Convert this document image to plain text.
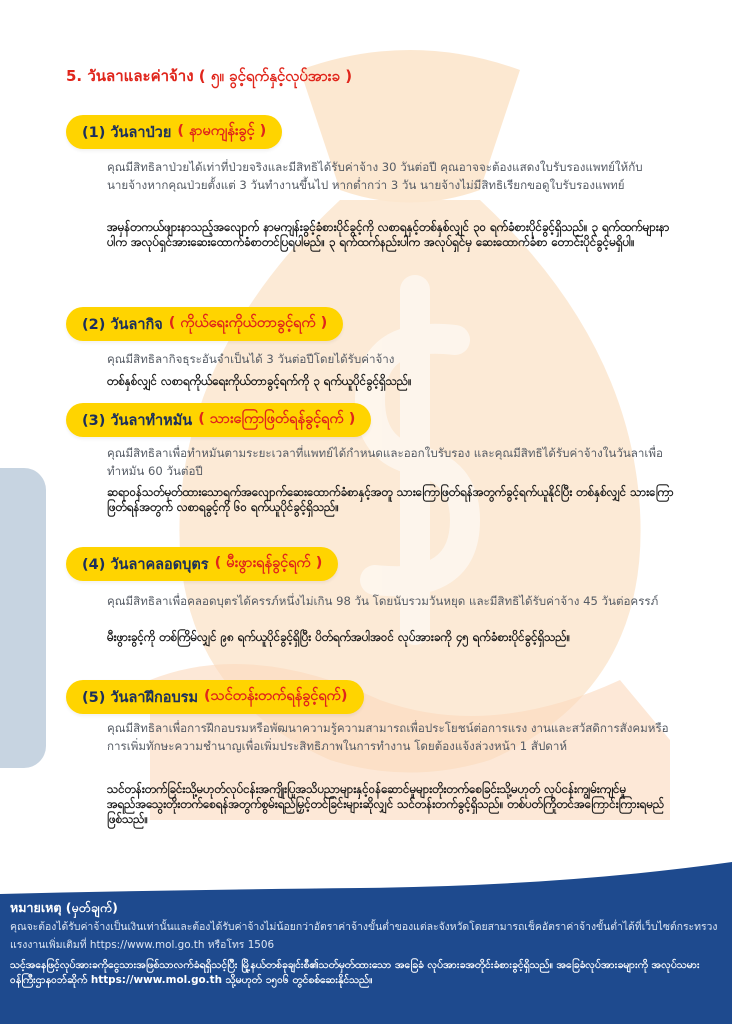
5. วันลาและค่าจ้าง ( ၅။ ခွင့်ရက်နှင့်လုပ်အားခ )
(1) วันลาป่วย ( နာမကျန်းခွင့် )
คุณมีสิทธิลาป่วยได้เท่าที่ป่วยจริงและมีสิทธิได้รับค่าจ้าง 30 วันต่อปี คุณอาจจะต้องแสดงใบรับรองแพทย์ให้กับนายจ้างหากคุณป่วยตั้งแต่ 3 วันทำงานขึ้นไป หากต่ำกว่า 3 วัน นายจ้างไม่มีสิทธิเรียกขอดูใบรับรองแพทย์
အမှန်တကယ်ဖျားနာသည့်အလျောက် နာမကျန်းခွင့်ခံစားပိုင်ခွင့်ကို လစာရနှင့်တစ်နှစ်လျှင် ၃၀ ရက်ခံစားပိုင်ခွင့်ရှိသည်။ ၃ ရက်ထက်များနာပါက အလုပ်ရှင်အားဆေးထောက်ခံစာတင်ပြရပါမည်။ ၃ ရက်ထက်နည်းပါက အလုပ်ရှင်မှ ဆေးထောက်ခံစာ တောင်းပိုင်ခွင့်မရှိပါ။
(2) วันลากิจ ( ကိုယ်ရေးကိုယ်တာခွင့်ရက် )
คุณมีสิทธิลากิจธุระอันจำเป็นได้ 3 วันต่อปีโดยได้รับค่าจ้าง
တစ်နှစ်လျှင် လစာရကိုယ်ရေးကိုယ်တာခွင့်ရက်ကို ၃ ရက်ယူပိုင်ခွင့်ရှိသည်။
(3) วันลาทำหมัน ( သားကြောဖြတ်ရန်ခွင့်ရက် )
คุณมีสิทธิลาเพื่อทำหมันตามระยะเวลาที่แพทย์ได้กำหนดและออกใบรับรอง และคุณมีสิทธิได้รับค่าจ้างในวันลาเพื่อทำหมัน 60 วันต่อปี
ဆရာဝန်သတ်မှတ်ထားသောရက်အလျောက်ဆေးထောက်ခံစာနှင့်အတူ သားကြောဖြတ်ရန်အတွက်ခွင့်ရက်ယူနိုင်ပြီး တစ်နှစ်လျှင် သားကြောဖြတ်ရန်အတွက် လစာရခွင့်ကို ၆၀ ရက်ယူပိုင်ခွင့်ရှိသည်။
(4) วันลาคลอดบุตร ( မီးဖွားရန်ခွင့်ရက် )
คุณมีสิทธิลาเพื่อคลอดบุตรได้ครรภ์หนึ่งไม่เกิน 98 วัน โดยนับรวมวันหยุด และมีสิทธิได้รับค่าจ้าง 45 วันต่อครรภ์
မီးဖွားခွင့်ကို တစ်ကြိမ်လျှင် ၉၈ ရက်ယူပိုင်ခွင့်ရှိပြီး ပိတ်ရက်အပါအဝင် လုပ်အားခကို ၄၅ ရက်ခံစားပိုင်ခွင့်ရှိသည်။
(5) วันลาฝึกอบรม (သင်တန်းတက်ရန်ခွင့်ရက်)
คุณมีสิทธิลาเพื่อการฝึกอบรมหรือพัฒนาความรู้ความสามารถเพื่อประโยชน์ต่อการแรง งานและสวัสดิการสังคมหรือการเพิ่มทักษะความชำนาญเพื่อเพิ่มประสิทธิภาพในการทำงาน โดยต้องแจ้งล่วงหน้า 1 สัปดาห์
သင်တန်းတက်ခြင်းသို့မဟုတ်လုပ်ငန်းအကျိုးပြုအသိပညာများနှင့်ဝန်ဆောင်မှုများတိုးတက်စေခြင်းသို့မဟုတ် လုပ်ငန်းကျွမ်းကျင်မှုအရည်အသွေးတိုးတက်စေရန်အတွက်စွမ်းရည်မြှင့်တင်ခြင်းများဆိုလျှင် သင်တန်းတက်ခွင့်ရှိသည်။ တစ်ပတ်ကြိုတင်အကြောင်းကြားရမည်ဖြစ်သည်။
หมายเหตุ (မှတ်ချက်)
คุณจะต้องได้รับค่าจ้างเป็นเงินเท่านั้นและต้องได้รับค่าจ้างไม่น้อยกว่าอัตราค่าจ้างขั้นต่ำของแต่ละจังหวัดโดยสามารถเช็คอัตราค่าจ้างขั้นต่ำได้ที่เว็บไซต์กระทรวงแรงงานเพิ่มเติมที่ https://www.mol.go.th หรือโทร 1506
သင့်အနေဖြင့်လုပ်အားခကိုငွေသားအဖြစ်သာလက်ခံရရှိသင့်ပြီး မြို့နယ်တစ်ခုချင်းစီ၏သတ်မှတ်ထားသော အခြေခံ လုပ်အားခအတိုင်းခံစားခွင့်ရှိသည်။ အခြေခံလုပ်အားခများကို အလုပ်သမားဝန်ကြီးဌာနဝဘ်ဆိုက် https://www.mol.go.th သို့မဟုတ် ၁၅၀၆ တွင်စစ်ဆေးနိုင်သည်။
